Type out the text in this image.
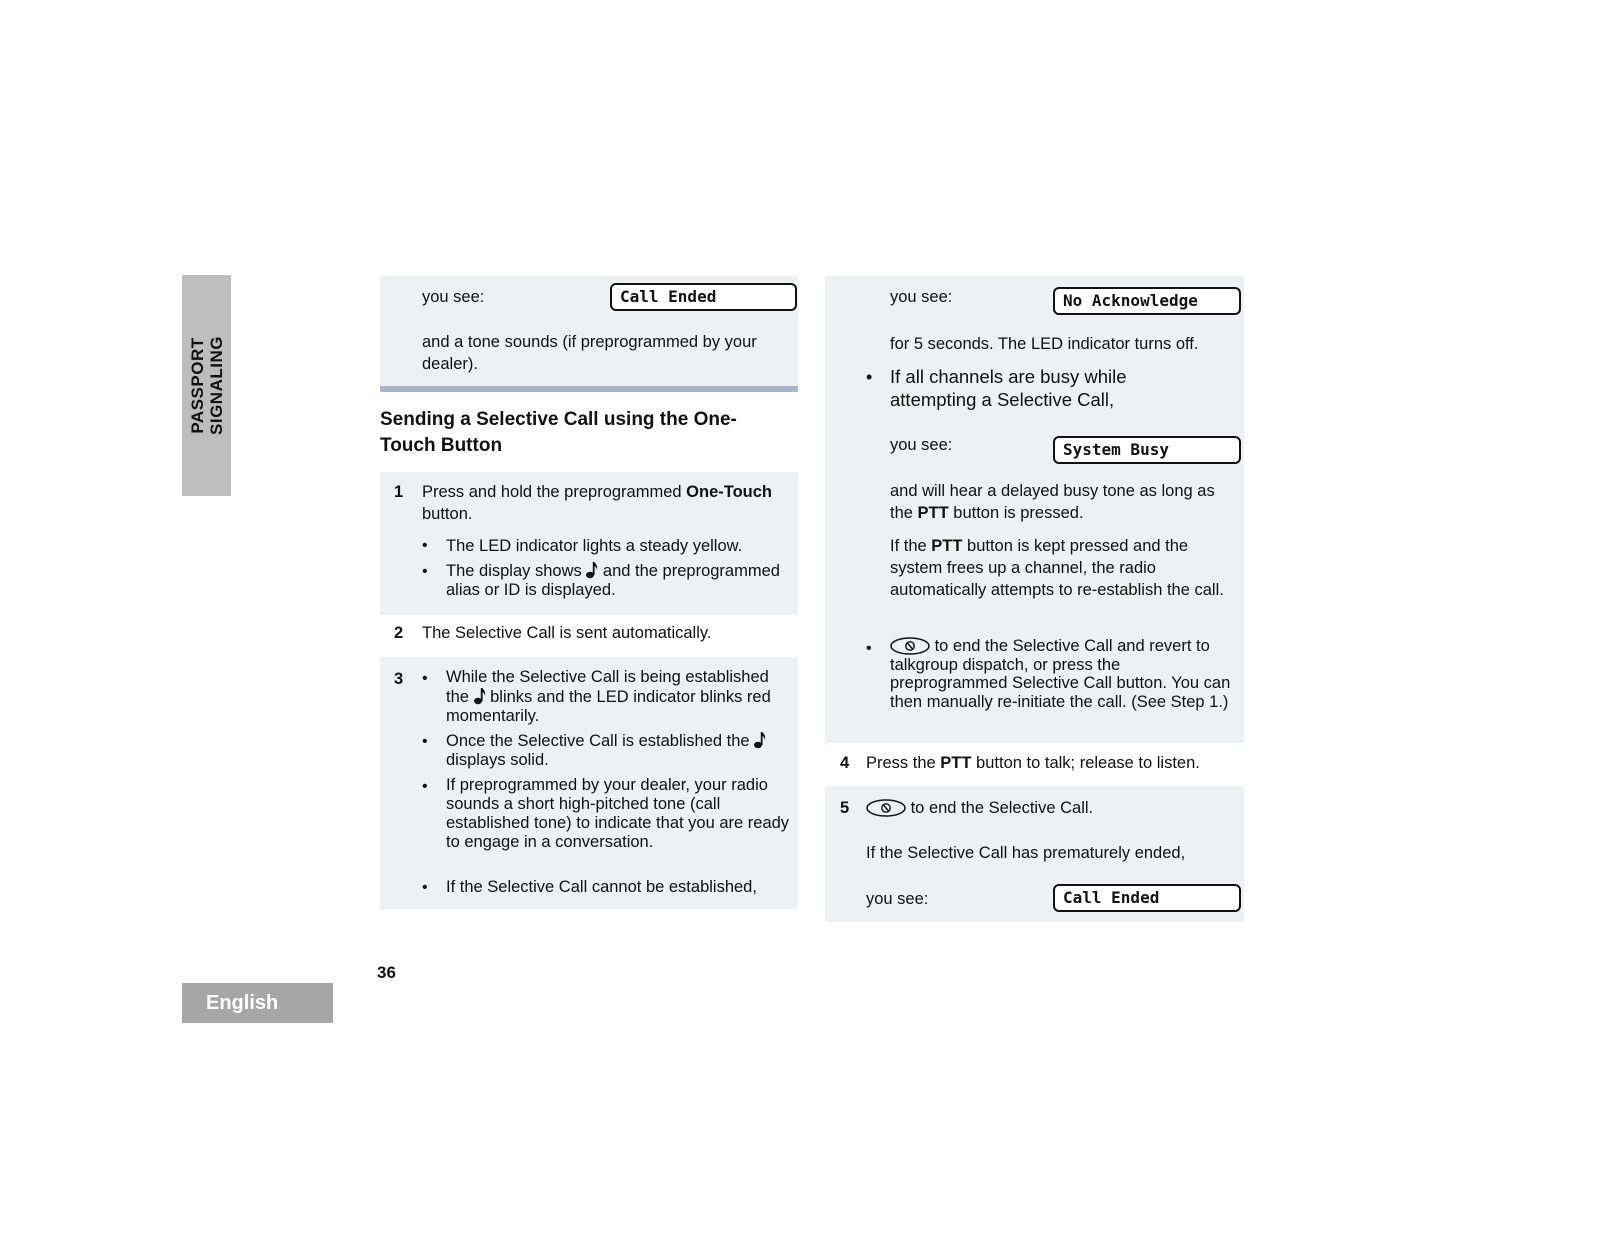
PASSPORT SIGNALING
English
36
you see:	Call Ended
and a tone sounds (if preprogrammed by your dealer).
Sending a Selective Call using the One-Touch Button
1 Press and hold the preprogrammed One-Touch button.
• The LED indicator lights a steady yellow.
• The display shows and the preprogrammed alias or ID is displayed.
2 The Selective Call is sent automatically.
3 • While the Selective Call is being established the blinks and the LED indicator blinks red momentarily.
• Once the Selective Call is established the  displays solid.
• If preprogrammed by your dealer, your radio sounds a short high-pitched tone (call established tone) to indicate that you are ready to engage in a conversation.
• If the Selective Call cannot be established,
you see:	No Acknowledge
for 5 seconds. The LED indicator turns off.
• If all channels are busy while attempting a Selective Call,
you see:	System Busy
and will hear a delayed busy tone as long as the PTT button is pressed.
If the PTT button is kept pressed and the system frees up a channel, the radio automatically attempts to re-establish the call.
•	to end the Selective Call and revert to talkgroup dispatch, or press the preprogrammed Selective Call button. You can then manually re-initiate the call. (See Step 1.)
4 Press the PTT button to talk; release to listen.
5	to end the Selective Call.
If the Selective Call has prematurely ended,
you see:	Call Ended
